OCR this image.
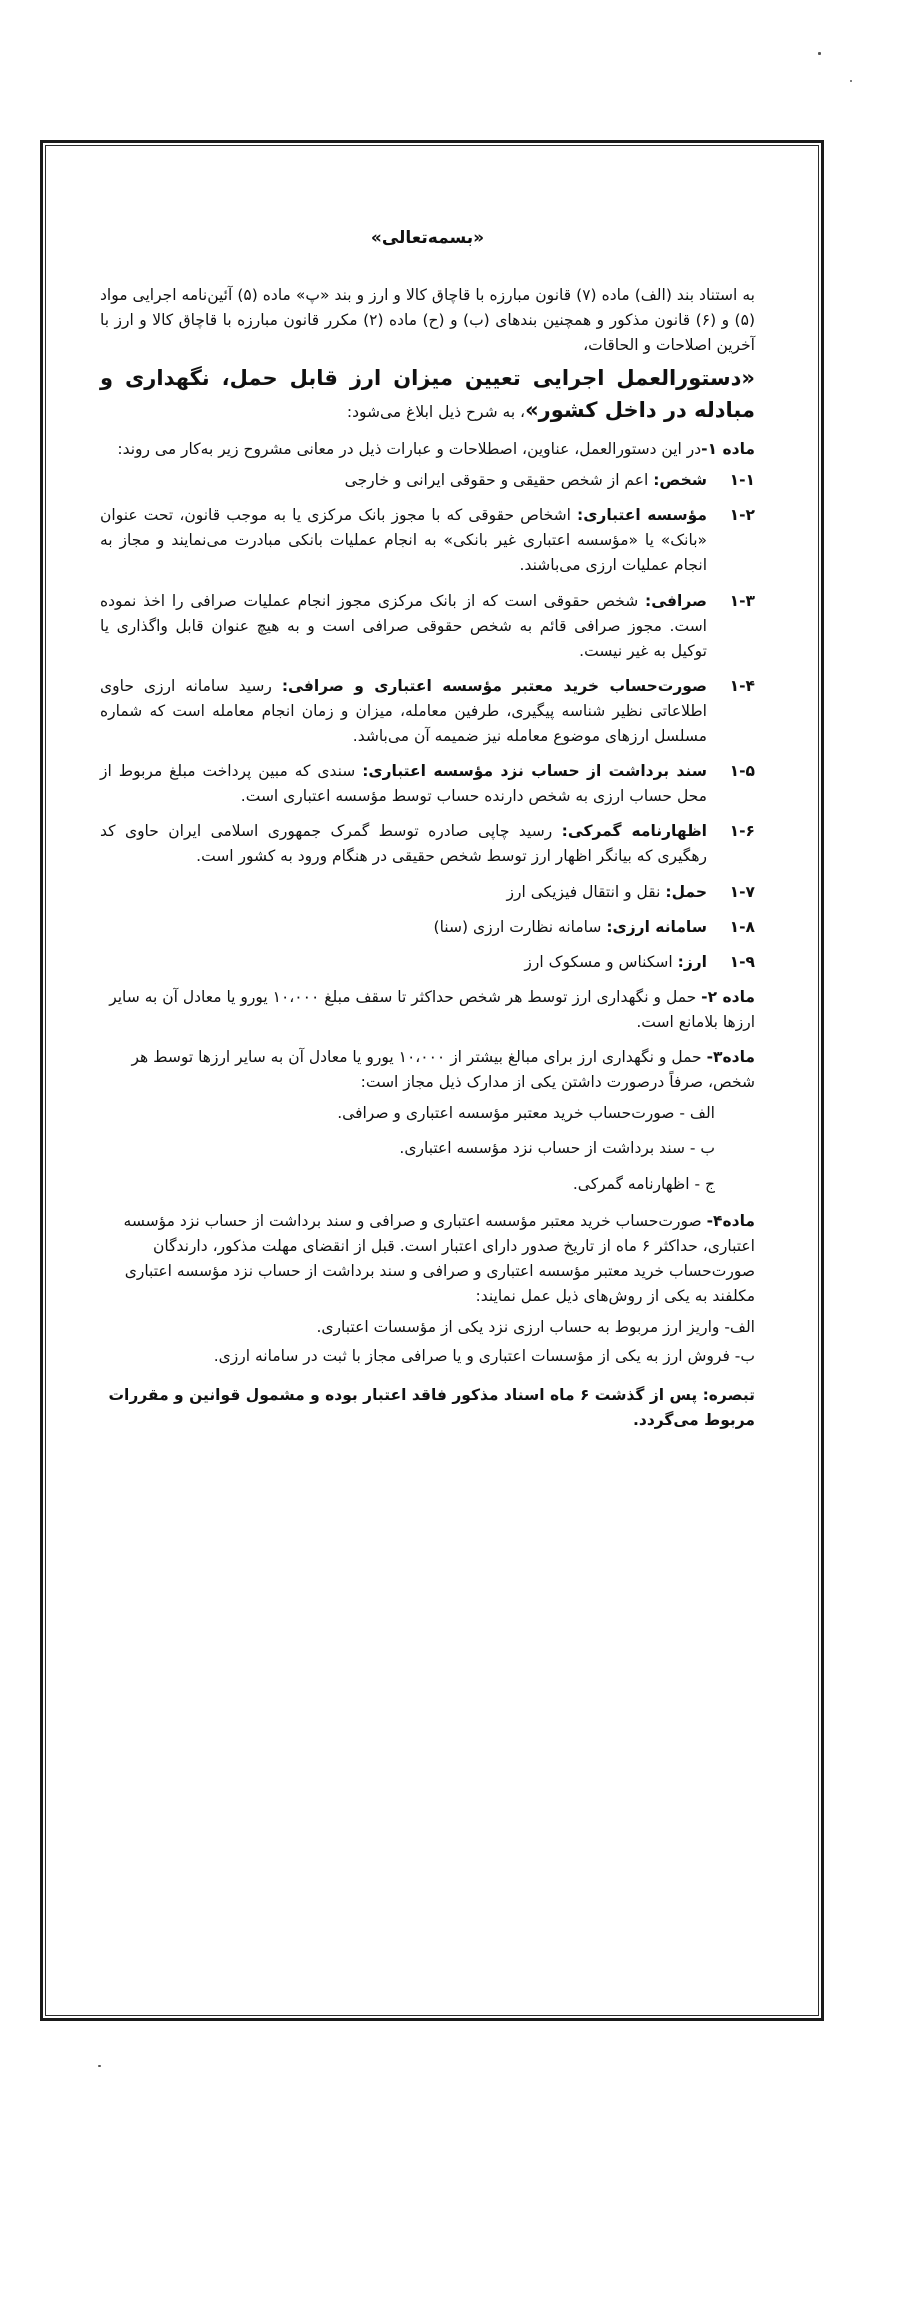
«بسمه‌تعالی»
به استناد بند (الف) ماده (۷) قانون مبارزه با قاچاق کالا و ارز و بند «پ» ماده (۵) آئین‌نامه اجرایی مواد (۵) و (۶) قانون مذکور و همچنین بندهای (ب) و (ح) ماده (۲) مکرر قانون مبارزه با قاچاق کالا و ارز با آخرین اصلاحات و الحاقات،
«دستورالعمل اجرایی تعیین میزان ارز قابل حمل، نگهداری و مبادله در داخل کشور»، به شرح ذیل ابلاغ می‌شود:
ماده ۱-در این دستورالعمل، عناوین، اصطلاحات و عبارات ذیل در معانی مشروح زیر به‌کار می روند:
۱-۱
شخص: اعم از شخص حقیقی و حقوقی ایرانی و خارجی
۱-۲
مؤسسه اعتباری: اشخاص حقوقی که با مجوز بانک مرکزی یا به موجب قانون، تحت عنوان «بانک» یا «مؤسسه اعتباری غیر بانکی» به انجام عملیات بانکی مبادرت می‌نمایند و مجاز به انجام عملیات ارزی می‌باشند.
۱-۳
صرافی: شخص حقوقی است که از بانک مرکزی مجوز انجام عملیات صرافی را اخذ نموده است. مجوز صرافی قائم به شخص حقوقی صرافی است و به هیچ عنوان قابل واگذاری یا توکیل به غیر نیست.
۱-۴
صورت‌حساب خرید معتبر مؤسسه اعتباری و صرافی: رسید سامانه ارزی حاوی اطلاعاتی نظیر شناسه پیگیری، طرفین معامله، میزان و زمان انجام معامله است که شماره مسلسل ارزهای موضوع معامله نیز ضمیمه آن می‌باشد.
۱-۵
سند برداشت از حساب نزد مؤسسه اعتباری: سندی که مبین پرداخت مبلغ مربوط از محل حساب ارزی به شخص دارنده حساب توسط مؤسسه اعتباری است.
۱-۶
اظهارنامه گمرکی: رسید چاپی صادره توسط گمرک جمهوری اسلامی ایران حاوی کد رهگیری که بیانگر اظهار ارز توسط شخص حقیقی در هنگام ورود به کشور است.
۱-۷
حمل: نقل و انتقال فیزیکی ارز
۱-۸
سامانه ارزی: سامانه نظارت ارزی (سنا)
۱-۹
ارز: اسکناس و مسکوک ارز
ماده ۲- حمل و نگهداری ارز توسط هر شخص حداکثر تا سقف مبلغ ۱۰،۰۰۰ یورو یا معادل آن به سایر ارزها بلامانع است.
ماده۳- حمل و نگهداری ارز برای مبالغ بیشتر از ۱۰،۰۰۰ یورو یا معادل آن به سایر ارزها توسط هر شخص، صرفاً درصورت داشتن یکی از مدارک ذیل مجاز است:
الف - صورت‌حساب خرید معتبر مؤسسه اعتباری و صرافی.
ب - سند برداشت از حساب نزد مؤسسه اعتباری.
ج - اظهارنامه گمرکی.
ماده۴- صورت‌حساب خرید معتبر مؤسسه اعتباری و صرافی و سند برداشت از حساب نزد مؤسسه اعتباری، حداکثر ۶ ماه از تاریخ صدور دارای اعتبار است. قبل از انقضای مهلت مذکور، دارندگان صورت‌حساب خرید معتبر مؤسسه اعتباری و صرافی و سند برداشت از حساب نزد مؤسسه اعتباری مکلفند به یکی از روش‌های ذیل عمل نمایند:
الف- واریز ارز مربوط به حساب ارزی نزد یکی از مؤسسات اعتباری.
ب- فروش ارز به یکی از مؤسسات اعتباری و یا صرافی مجاز با ثبت در سامانه ارزی.
تبصره: پس از گذشت ۶ ماه اسناد مذکور فاقد اعتبار بوده و مشمول قوانین و مقررات مربوط می‌گردد.
